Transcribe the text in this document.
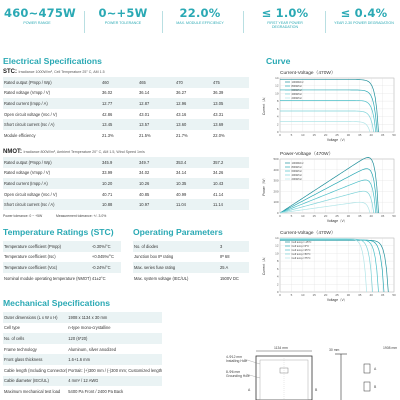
460~475W
POWER RANGE
0~+5W
POWER TOLERANCE
22.0%
MAX. MODULE EFFICIENCY
≤ 1.0%
FIRST YEAR POWER DEGRADATION
≤ 0.4%
YEAR 2-30 POWER DEGRADATION
Electrical Specifications
STC: Irradiance 1000W/m², Cell Temperature 25° C, AM 1.5
Rated output (Pmpp / Wp)	460	465	470	475
Rated voltage (Vmpp / V)	36.02	36.14	36.27	36.39
Rated current (Impp / A)	12.77	12.87	12.96	13.05
Open circuit voltage (Voc / V)	42.86	43.01	43.16	43.31
Short circuit current (Isc / A)	13.45	13.57	13.60	13.69
Module efficiency	21.3%	21.5%	21.7%	22.0%
NMOT: Irradiance 800W/m², Ambient Temperature 20° C, AM 1.5, Wind Speed 1m/s
Rated output (Pmpp / Wp)	345.9	349.7	353.4	357.2
Rated voltage (Vmpp / V)	33.99	34.02	34.14	34.26
Rated current (Impp / A)	10.20	10.26	10.35	10.43
Open circuit voltage (Voc / V)	40.71	40.85	40.99	41.14
Short circuit current (Isc / A)	10.88	10.97	11.04	11.14
Power tolerance: 0 ~ +5W	Measurement tolerance: +/- 3.0%
Temperature Ratings (STC)
Temperature coefficient (Pmpp)	-0.30%/°C
Temperature coefficient (Isc)	+0.045%/°C
Temperature coefficient (Voc)	-0.24%/°C
Nominal module operating temperature (NMOT)	41±2°C
Operating Parameters
No. of diodes	3
Junction box IP rating	IP 68
Max. series fuse rating	25 A
Max. system voltage (IEC/UL)	1500V DC
Mechanical Specifications
Outer dimensions (L x W x H)	1908 x 1134 x 30 mm
Cell type	n-type mono-crystalline
No. of cells	120 (6*20)
Frame technology	Aluminum, silver anodized
Front glass thickness	1.6+1.6 mm
Cable length (Including Connector)	Portrait: (+)300 mm / (-)300 mm; Customized length
Cable diameter (IEC/UL)	4 mm² / 12 AWG
Maximum mechanical test load	5400 Pa Front / 2400 Pa Back
Curve
Current-Voltage（470W）
0	5	10	15	20	25	30	35	40	45	50
0
2
4
6
8
10
12
14
Voltage（V）
Current（A）
1000W/m²
800W/m²
600W/m²
400W/m²
200W/m²
Power-Voltage（470W）
0	5	10	15	20	25	30	35	40	45	50
0
100
200
300
400
500
Voltage（V）
Power（W）
1000W/m²
800W/m²
600W/m²
400W/m²
200W/m²
Current-Voltage（470W）
0	5	10	15	20	25	30	35	40	45	50
0
2
4
6
8
10
12
14
Voltage（V）
Current（A）
Cell temp.=-15°C
Cell temp.=0°C
Cell temp.=25°C
Cell temp.=50°C
Cell temp.=75°C
1134 mm
4-Φ12 mm
Installing Hole
8-Φ6 mm
Grounding Hole
A	B
30 mm
A
B
1908 mm
